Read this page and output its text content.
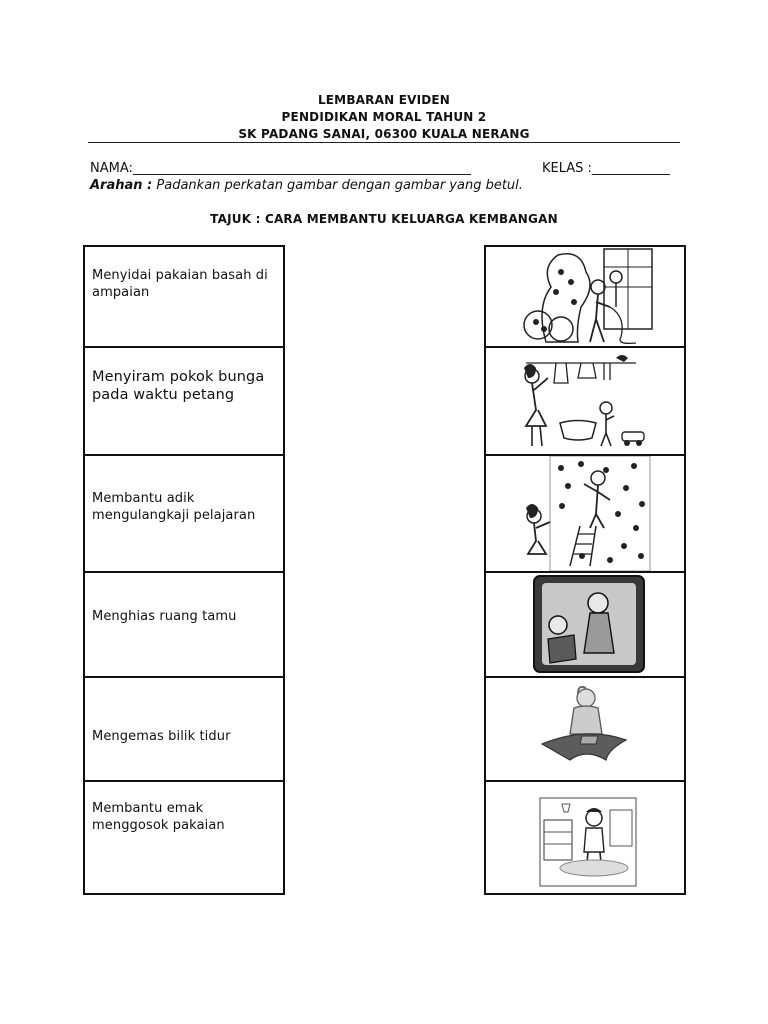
LEMBARAN EVIDEN
PENDIDIKAN MORAL TAHUN 2
SK PADANG SANAI, 06300 KUALA NERANG
NAMA:____________________________________________________	KELAS :____________
Arahan : Padankan perkatan gambar dengan gambar yang betul.
TAJUK : CARA MEMBANTU KELUARGA KEMBANGAN
Menyidai pakaian basah di ampaian
Menyiram pokok bunga pada waktu petang
Membantu adik mengulangkaji pelajaran
Menghias ruang tamu
Mengemas bilik tidur
Membantu emak menggosok pakaian
